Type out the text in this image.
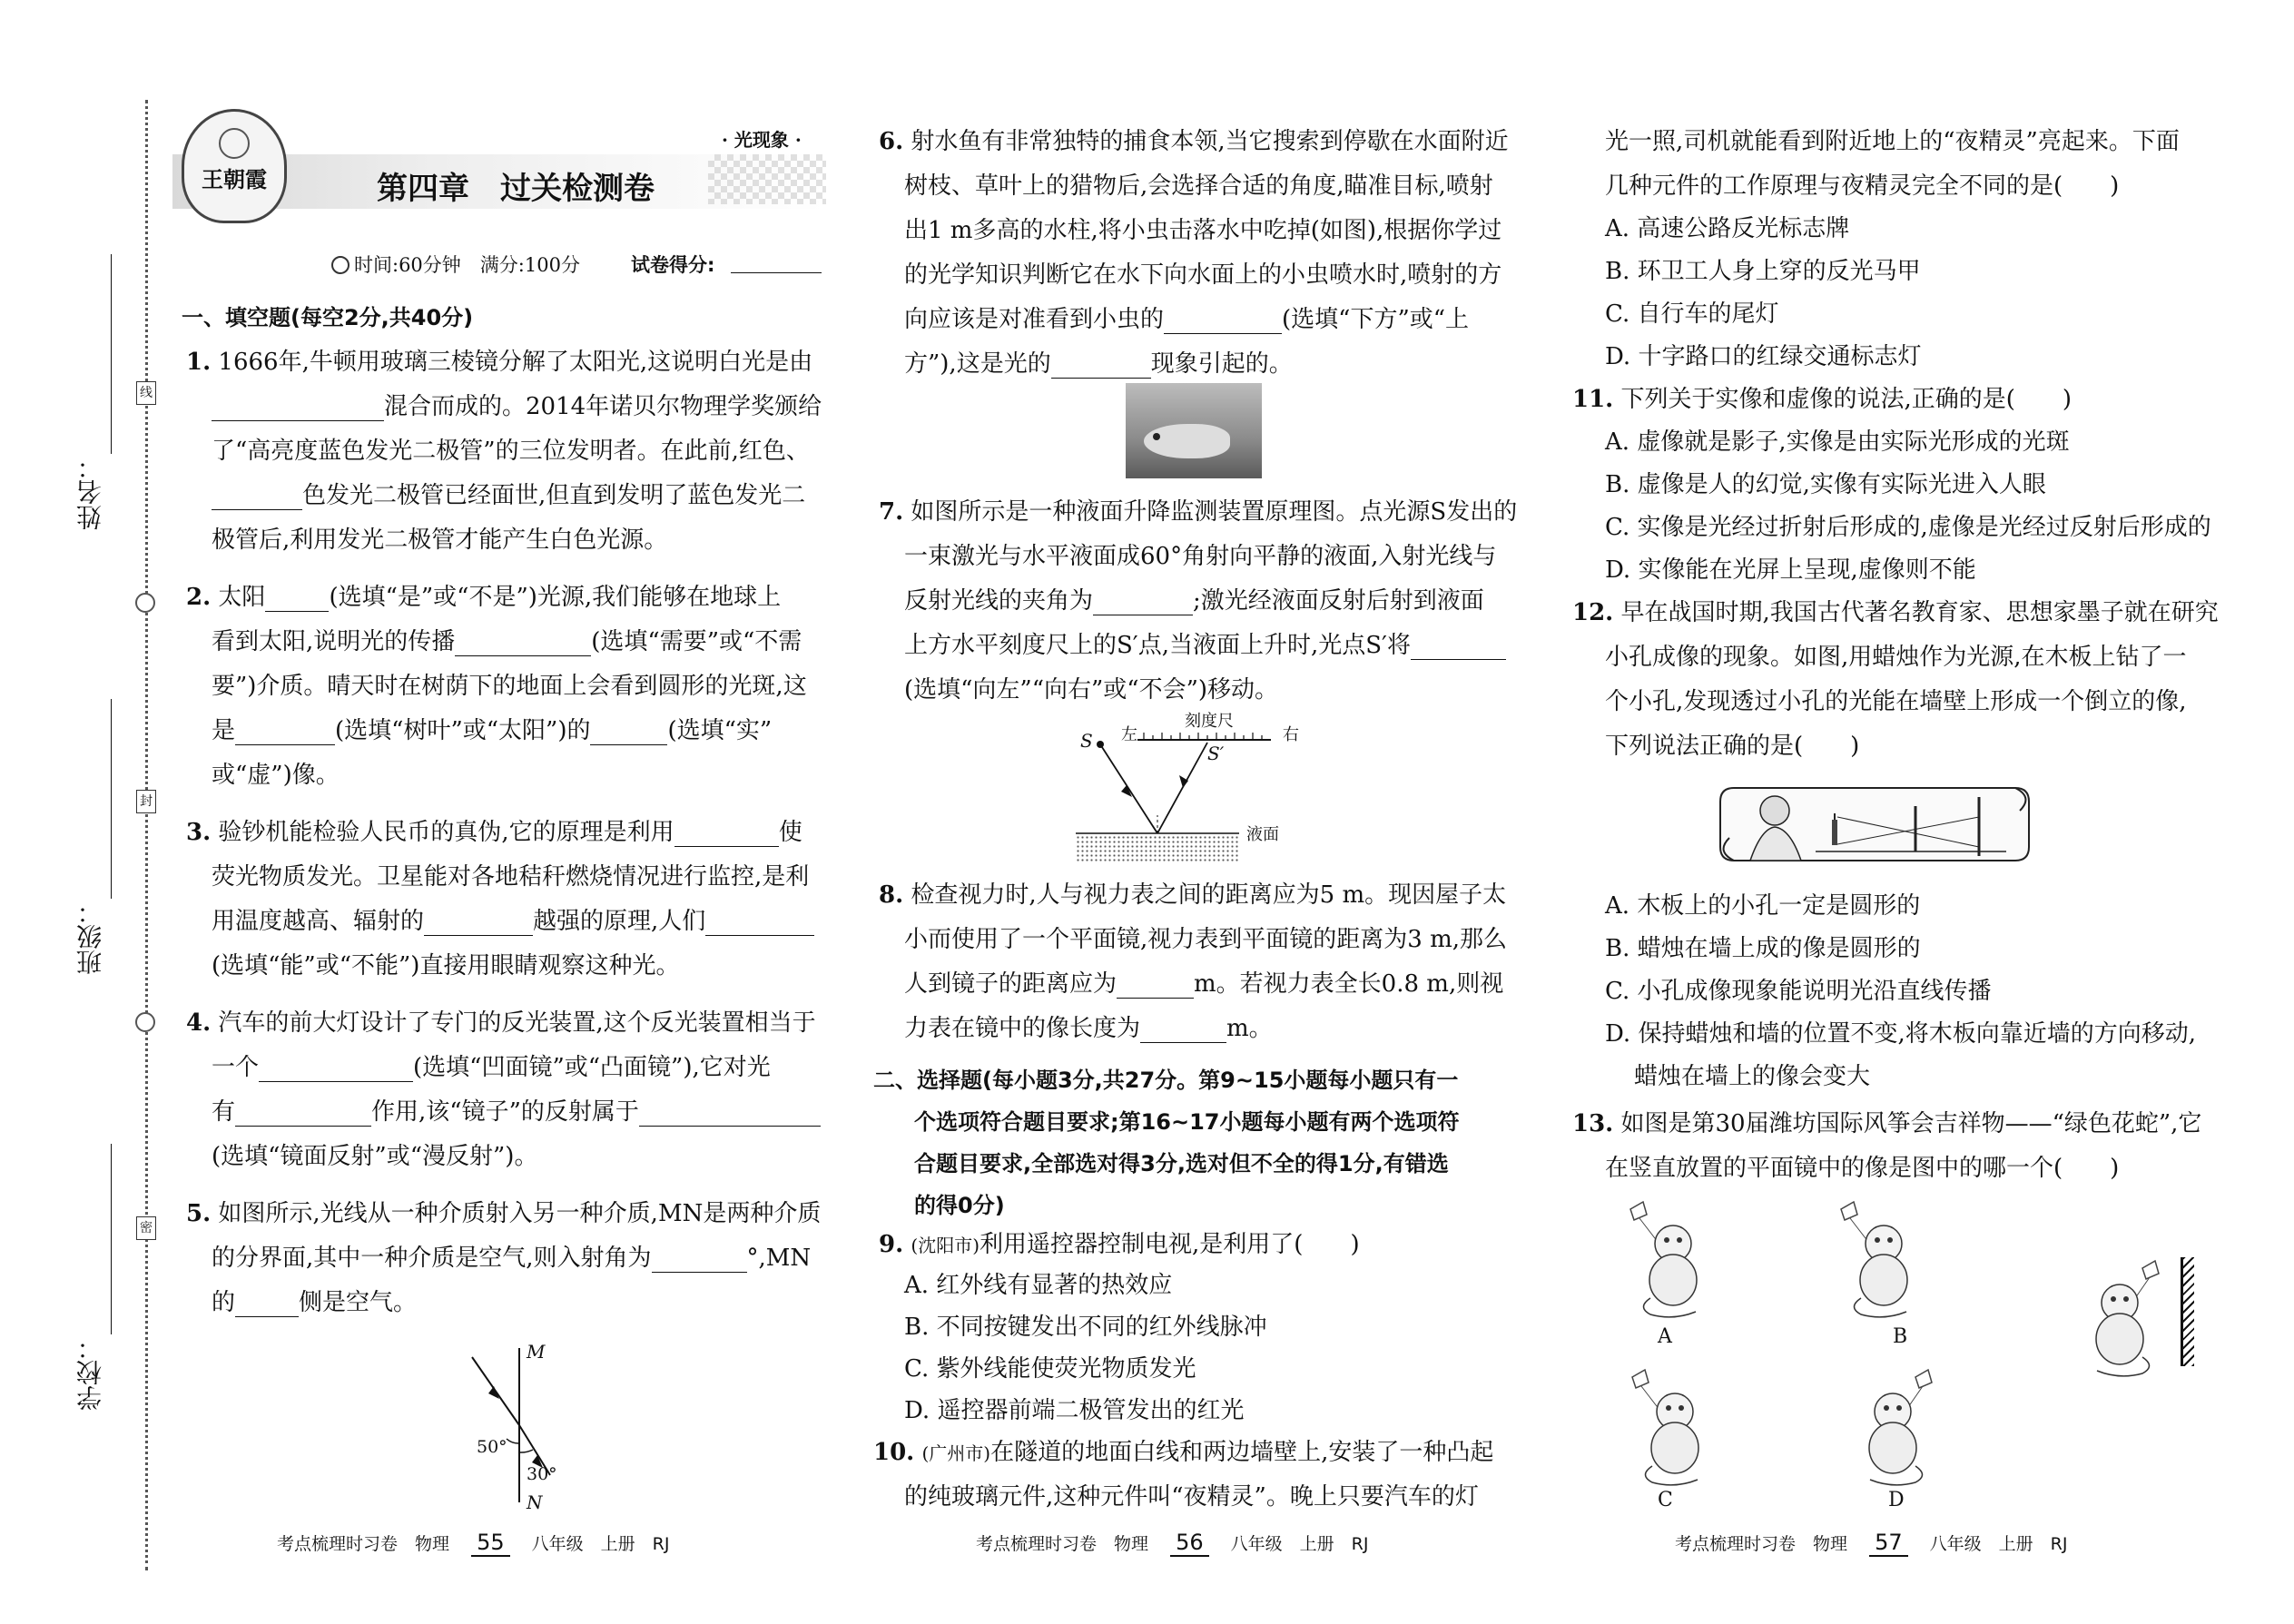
线
封
密
姓名：
班级：
学校：
王朝霞
· 光现象 ·
第四章　过关检测卷
时间:60分钟　满分:100分	试卷得分:
一、填空题(每空2分,共40分)
1. 1666年,牛顿用玻璃三棱镜分解了太阳光,这说明白光是由
混合而成的。2014年诺贝尔物理学奖颁给
了“高亮度蓝色发光二极管”的三位发明者。在此前,红色、
色发光二极管已经面世,但直到发明了蓝色发光二
极管后,利用发光二极管才能产生白色光源。
2. 太阳	(选填“是”或“不是”)光源,我们能够在地球上
看到太阳,说明光的传播	(选填“需要”或“不需
要”)介质。晴天时在树荫下的地面上会看到圆形的光斑,这
是	(选填“树叶”或“太阳”)的	(选填“实”
或“虚”)像。
3. 验钞机能检验人民币的真伪,它的原理是利用	使
荧光物质发光。卫星能对各地秸秆燃烧情况进行监控,是利
用温度越高、辐射的	越强的原理,人们
(选填“能”或“不能”)直接用眼睛观察这种光。
4. 汽车的前大灯设计了专门的反光装置,这个反光装置相当于
一个	(选填“凹面镜”或“凸面镜”),它对光
有	作用,该“镜子”的反射属于
(选填“镜面反射”或“漫反射”)。
5. 如图所示,光线从一种介质射入另一种介质,MN是两种介质
的分界面,其中一种介质是空气,则入射角为	°,MN
的	侧是空气。
M
N
50°
30°
6. 射水鱼有非常独特的捕食本领,当它搜索到停歇在水面附近
树枝、草叶上的猎物后,会选择合适的角度,瞄准目标,喷射
出1 m多高的水柱,将小虫击落水中吃掉(如图),根据你学过
的光学知识判断它在水下向水面上的小虫喷水时,喷射的方
向应该是对准看到小虫的	(选填“下方”或“上
方”),这是光的	现象引起的。
7. 如图所示是一种液面升降监测装置原理图。点光源S发出的
一束激光与水平液面成60°角射向平静的液面,入射光线与
反射光线的夹角为	;激光经液面反射后射到液面
上方水平刻度尺上的S′点,当液面上升时,光点S′将
(选填“向左”“向右”或“不会”)移动。
刻度尺
左	右
S
S′
液面
8. 检查视力时,人与视力表之间的距离应为5 m。现因屋子太
小而使用了一个平面镜,视力表到平面镜的距离为3 m,那么
人到镜子的距离应为	m。若视力表全长0.8 m,则视
力表在镜中的像长度为	m。
二、选择题(每小题3分,共27分。第9~15小题每小题只有一
个选项符合题目要求;第16~17小题每小题有两个选项符
合题目要求,全部选对得3分,选对但不全的得1分,有错选
的得0分)
9. (沈阳市)利用遥控器控制电视,是利用了(　　)
A. 红外线有显著的热效应
B. 不同按键发出不同的红外线脉冲
C. 紫外线能使荧光物质发光
D. 遥控器前端二极管发出的红光
10. (广州市)在隧道的地面白线和两边墙壁上,安装了一种凸起
的纯玻璃元件,这种元件叫“夜精灵”。晚上只要汽车的灯
光一照,司机就能看到附近地上的“夜精灵”亮起来。下面
几种元件的工作原理与夜精灵完全不同的是(　　)
A. 高速公路反光标志牌
B. 环卫工人身上穿的反光马甲
C. 自行车的尾灯
D. 十字路口的红绿交通标志灯
11. 下列关于实像和虚像的说法,正确的是(　　)
A. 虚像就是影子,实像是由实际光形成的光斑
B. 虚像是人的幻觉,实像有实际光进入人眼
C. 实像是光经过折射后形成的,虚像是光经过反射后形成的
D. 实像能在光屏上呈现,虚像则不能
12. 早在战国时期,我国古代著名教育家、思想家墨子就在研究
小孔成像的现象。如图,用蜡烛作为光源,在木板上钻了一
个小孔,发现透过小孔的光能在墙壁上形成一个倒立的像,
下列说法正确的是(　　)
A. 木板上的小孔一定是圆形的
B. 蜡烛在墙上成的像是圆形的
C. 小孔成像现象能说明光沿直线传播
D. 保持蜡烛和墙的位置不变,将木板向靠近墙的方向移动,
蜡烛在墙上的像会变大
13. 如图是第30届潍坊国际风筝会吉祥物——“绿色花蛇”,它
在竖直放置的平面镜中的像是图中的哪一个(　　)
A	B
C	D
考点梳理时习卷　物理 55 八年级　上册　RJ	考点梳理时习卷　物理 56 八年级　上册　RJ	考点梳理时习卷　物理 57 八年级　上册　RJ
